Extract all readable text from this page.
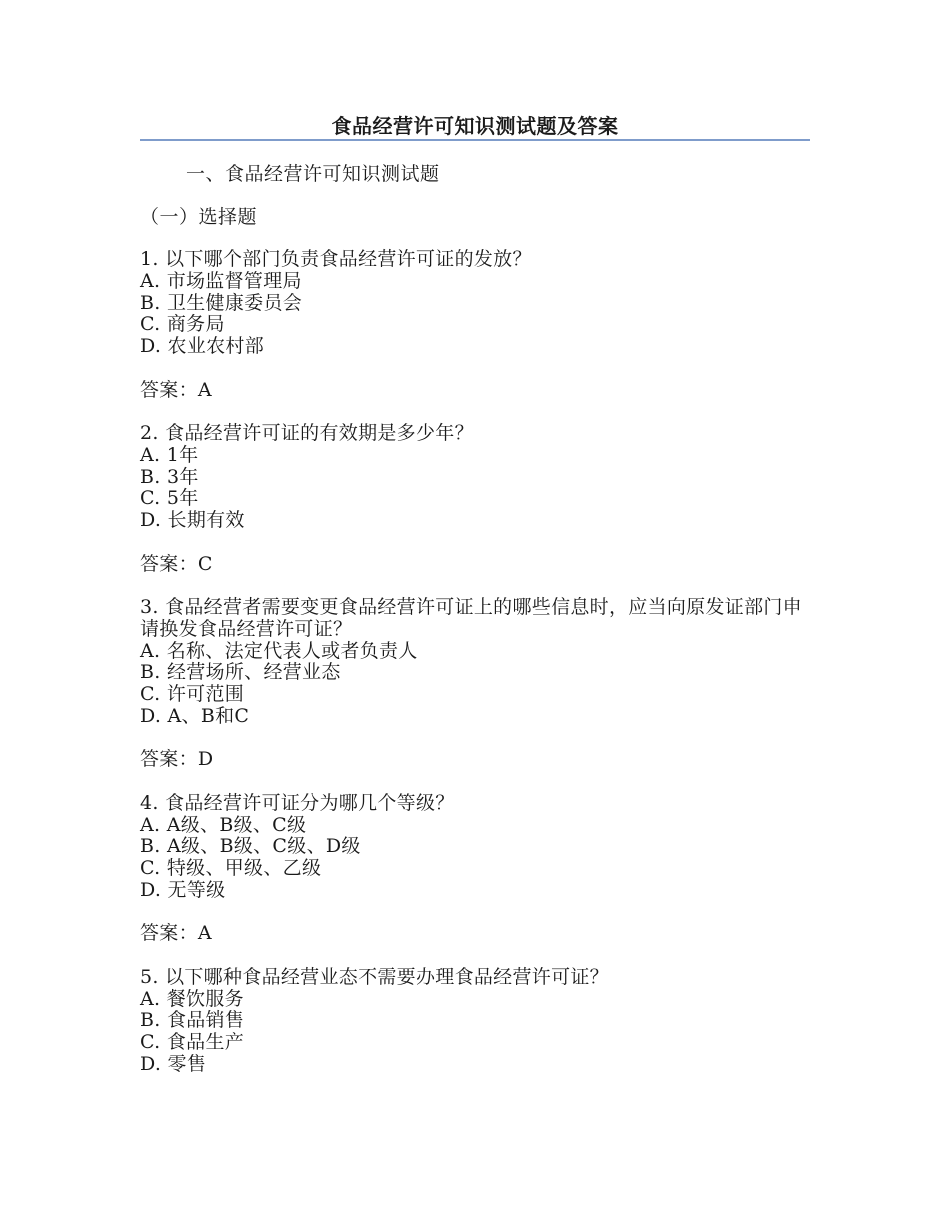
食品经营许可知识测试题及答案
一、食品经营许可知识测试题
（一）选择题
1. 以下哪个部门负责食品经营许可证的发放？
A. 市场监督管理局
B. 卫生健康委员会
C. 商务局
D. 农业农村部
答案：A
2. 食品经营许可证的有效期是多少年？
A. 1年
B. 3年
C. 5年
D. 长期有效
答案：C
3. 食品经营者需要变更食品经营许可证上的哪些信息时，应当向原发证部门申请换发食品经营许可证？
A. 名称、法定代表人或者负责人
B. 经营场所、经营业态
C. 许可范围
D. A、B和C
答案：D
4. 食品经营许可证分为哪几个等级？
A. A级、B级、C级
B. A级、B级、C级、D级
C. 特级、甲级、乙级
D. 无等级
答案：A
5. 以下哪种食品经营业态不需要办理食品经营许可证？
A. 餐饮服务
B. 食品销售
C. 食品生产
D. 零售
